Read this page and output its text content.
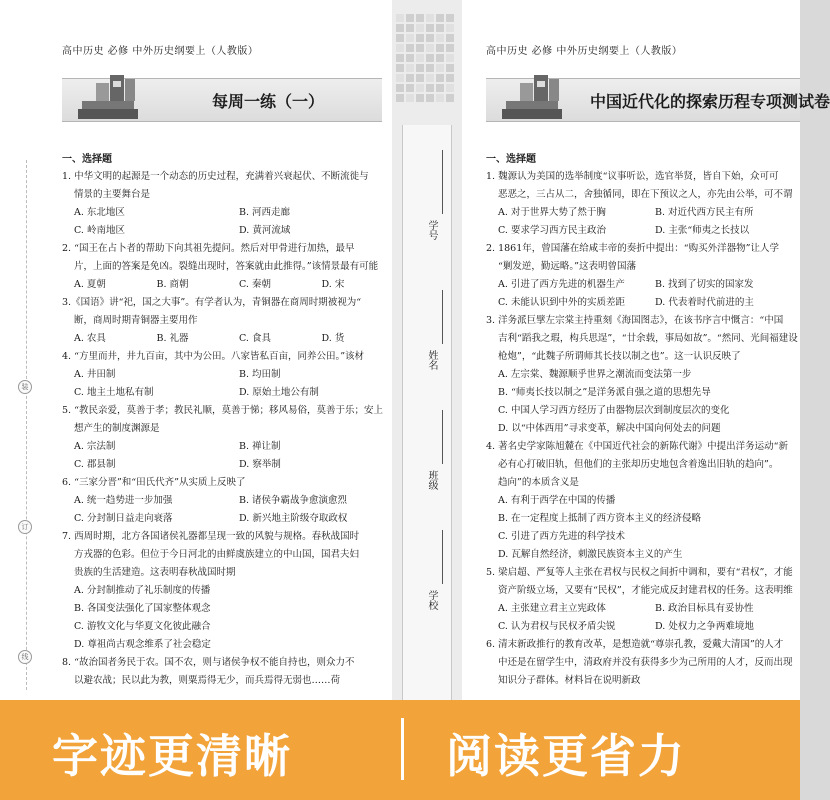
高中历史 必修 中外历史纲要上（人教版）
每周一练（一）
一、选择题
1. 中华文明的起源是一个动态的历史过程，充满着兴衰起伏、不断流徙与
情景的主要舞台是
A. 东北地区	B. 河西走廊
C. 岭南地区	D. 黄河流域
2. “国王在占卜者的帮助下向其祖先提问。然后对甲骨进行加热，最早
片，上面的答案是免凶。裂缝出现时，答案就由此推得。”该情景最有可能
A. 夏朝	B. 商朝	C. 秦朝	D. 宋
3.《国语》讲“祀，国之大事”。有学者认为，青铜器在商周时期被视为“
断，商周时期青铜器主要用作
A. 农具	B. 礼器	C. 食具	D. 货
4. “方里而井，井九百亩，其中为公田。八家皆私百亩，同养公田。”该材
A. 井田制	B. 均田制
C. 地主土地私有制	D. 原始土地公有制
5. “教民亲爱，莫善于孝；教民礼顺，莫善于悌；移风易俗，莫善于乐；安上
想产生的制度渊源是
A. 宗法制	B. 禅让制
C. 郡县制	D. 察举制
6. “三家分晋”和“田氏代齐”从实质上反映了
A. 统一趋势进一步加强	B. 诸侯争霸战争愈演愈烈
C. 分封制日益走向衰落	D. 新兴地主阶级夺取政权
7. 西周时期，北方各国诸侯礼器都呈现一致的风貌与规格。春秋战国时
方戎器的色彩。但位于今日河北的由鲜虞族建立的中山国，国君夫妇
贵族的生活建造。这表明春秋战国时期
A. 分封制推动了礼乐制度的传播
B. 各国变法强化了国家整体观念
C. 游牧文化与华夏文化彼此融合
D. 尊祖尚古观念维系了社会稳定
8. “故治国者务民于农。国不农，则与诸侯争权不能自持也，则众力不
以避农战；民以此为教，则粟焉得无少，而兵焉得无弱也……荷
装
订
线
学号
姓名
班级
学校
高中历史 必修 中外历史纲要上（人教版）
中国近代化的探索历程专项测试卷
一、选择题
1. 魏源认为美国的选举制度“议事听讼，选官举贤，皆自下始，众可可
恶恶之，三占从二，舍独循同，即在下预议之人，亦先由公举，可不谓
A. 对于世界大势了然于胸	B. 对近代西方民主有所
C. 要求学习西方民主政治	D. 主张“师夷之长技以
2. 1861年，曾国藩在给咸丰帝的奏折中提出：“购买外洋器物”让人学
“剿发逆，勤远略。”这表明曾国藩
A. 引进了西方先进的机器生产	B. 找到了切实的国家发
C. 未能认识到中外的实质差距	D. 代表着时代前进的主
3. 洋务派巨擘左宗棠主持重刻《海国图志》，在该书序言中慨言：“中国
吉利“蹈我之瑕，构兵思逞”，“廿余载，事局如故”。“然同、光间福建设
枪炮”，“此魏子所谓师其长技以制之也”。这一认识反映了
A. 左宗棠、魏源顺乎世界之潮流而变法第一步
B. “师夷长技以制之”是洋务派自强之道的思想先导
C. 中国人学习西方经历了由器物层次到制度层次的变化
D. 以“中体西用”寻求变革，解决中国向何处去的问题
4. 著名史学家陈旭麓在《中国近代社会的新陈代谢》中提出洋务运动“新
必有心打破旧轨，但他们的主张却历史地包含着逸出旧轨的趋向”。
趋向”的本质含义是
A. 有利于西学在中国的传播
B. 在一定程度上抵制了西方资本主义的经济侵略
C. 引进了西方先进的科学技术
D. 瓦解自然经济，刺激民族资本主义的产生
5. 梁启超、严复等人主张在君权与民权之间折中调和，要有“君权”，才能
资产阶级立场，又要有“民权”，才能完成反封建君权的任务。这表明维
A. 主张建立君主立宪政体	B. 政治目标具有妥协性
C. 认为君权与民权矛盾尖锐	D. 处权力之争两难境地
6. 清末新政推行的教育改革，是想造就“尊崇孔教，爱戴大清国”的人才
中还是在留学生中，清政府并没有获得多少为己所用的人才，反而出现
知识分子群体。材料旨在说明新政
字迹更清晰	阅读更省力
